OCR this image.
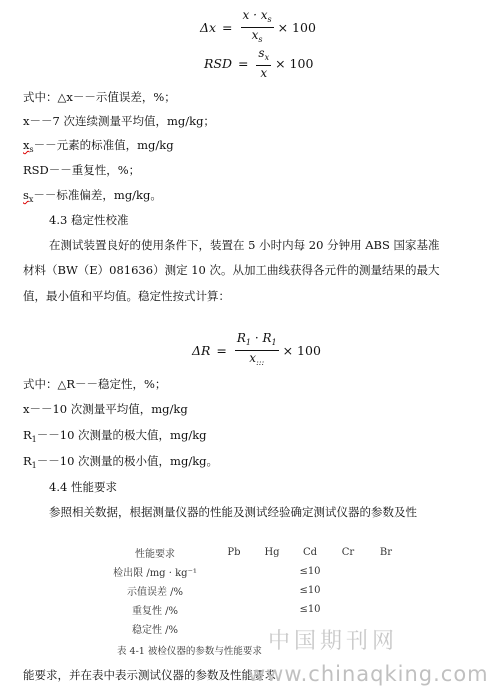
$\Delta x = \frac{x \cdot x_s}{x_s} \times 100$
RSD = $\frac{s_x}{x} \times 100$
式中：△x－－示值误差，%；
x－－7 次连续测量平均值，mg/kg；
$x_s--$元素的标准值，mg/kg
RSD－－重复性，%；
$s_x--$标准偏差，mg/kg。
4.3 稳定性校准
在测试装置良好的使用条件下，装置在 5 小时内每 20 分钟用 ABS 国家基准
材料（BW（E）081636）测定 10 次。从加工曲线获得各元件的测量结果的最大
值，最小值和平均值。稳定性按式计算：
$\Delta R = \frac{R_1 \cdot R_1}{x_{:::}} \times 100$
式中：△R－－稳定性，%；
x－－10 次测量平均值，mg/kg
$R_1--10$ 次测量的极大值，mg/kg
$R_1--10$ 次测量的极小值，mg/kg。
4.4 性能要求
参照相关数据，根据测量仪器的性能及测试经验确定测试仪器的参数及性
性能要求	Pb	Hg	Cd	Cr	Br
检出限 /mg · kg⁻¹			≤10		
示值误差 /%			≤10		
重复性 /%			≤10		
稳定性 /%					
表 4-1 被检仪器的参数与性能要求 中国期刊网
能要求，并在表中表示测试仪器的参数及性能要求
www.chinaqking.com
